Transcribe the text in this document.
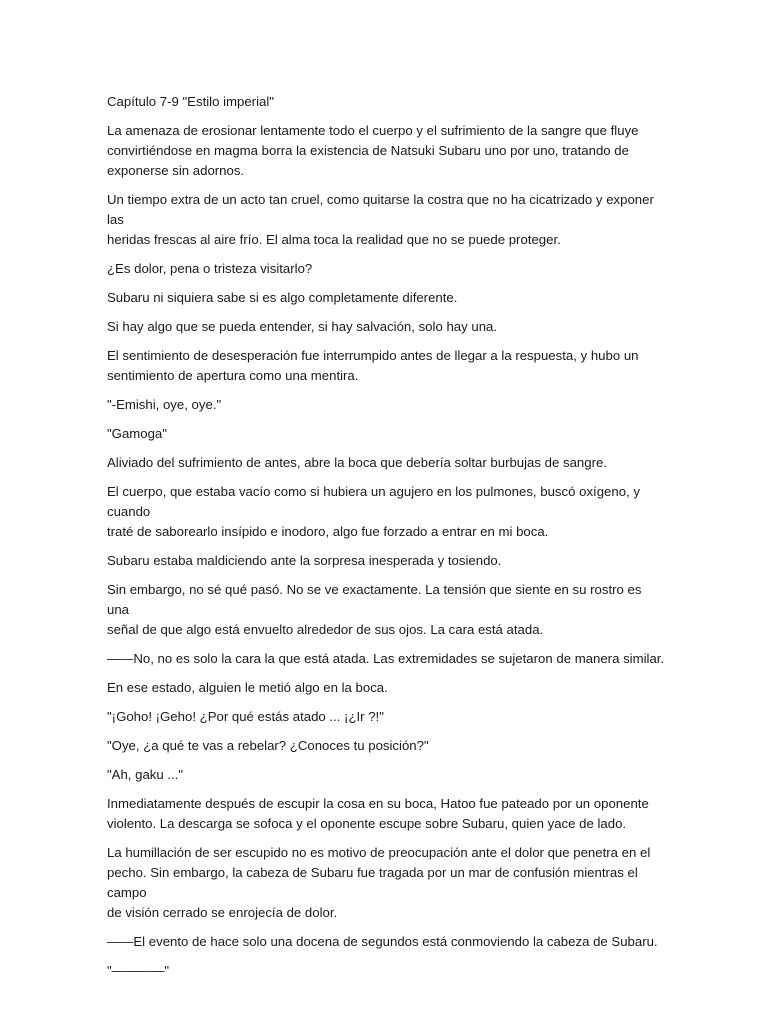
Capítulo 7-9 "Estilo imperial"

La amenaza de erosionar lentamente todo el cuerpo y el sufrimiento de la sangre que fluye
convirtiéndose en magma borra la existencia de Natsuki Subaru uno por uno, tratando de
exponerse sin adornos.

Un tiempo extra de un acto tan cruel, como quitarse la costra que no ha cicatrizado y exponer las
heridas frescas al aire frío. El alma toca la realidad que no se puede proteger.

¿Es dolor, pena o tristeza visitarlo?

Subaru ni siquiera sabe si es algo completamente diferente.

Si hay algo que se pueda entender, si hay salvación, solo hay una.

El sentimiento de desesperación fue interrumpido antes de llegar a la respuesta, y hubo un
sentimiento de apertura como una mentira.

"-Emishi, oye, oye."

"Gamoga"

Aliviado del sufrimiento de antes, abre la boca que debería soltar burbujas de sangre.

El cuerpo, que estaba vacío como si hubiera un agujero en los pulmones, buscó oxígeno, y cuando
traté de saborearlo insípido e inodoro, algo fue forzado a entrar en mi boca.

Subaru estaba maldiciendo ante la sorpresa inesperada y tosiendo.

Sin embargo, no sé qué pasó. No se ve exactamente. La tensión que siente en su rostro es una
señal de que algo está envuelto alrededor de sus ojos. La cara está atada.

——No, no es solo la cara la que está atada. Las extremidades se sujetaron de manera similar.

En ese estado, alguien le metió algo en la boca.

"¡Goho! ¡Geho! ¿Por qué estás atado ... ¡¿Ir ?!"

"Oye, ¿a qué te vas a rebelar? ¿Conoces tu posición?"

"Ah, gaku ..."

Inmediatamente después de escupir la cosa en su boca, Hatoo fue pateado por un oponente
violento. La descarga se sofoca y el oponente escupe sobre Subaru, quien yace de lado.

La humillación de ser escupido no es motivo de preocupación ante el dolor que penetra en el
pecho. Sin embargo, la cabeza de Subaru fue tragada por un mar de confusión mientras el campo
de visión cerrado se enrojecía de dolor.

——El evento de hace solo una docena de segundos está conmoviendo la cabeza de Subaru.

"————"
